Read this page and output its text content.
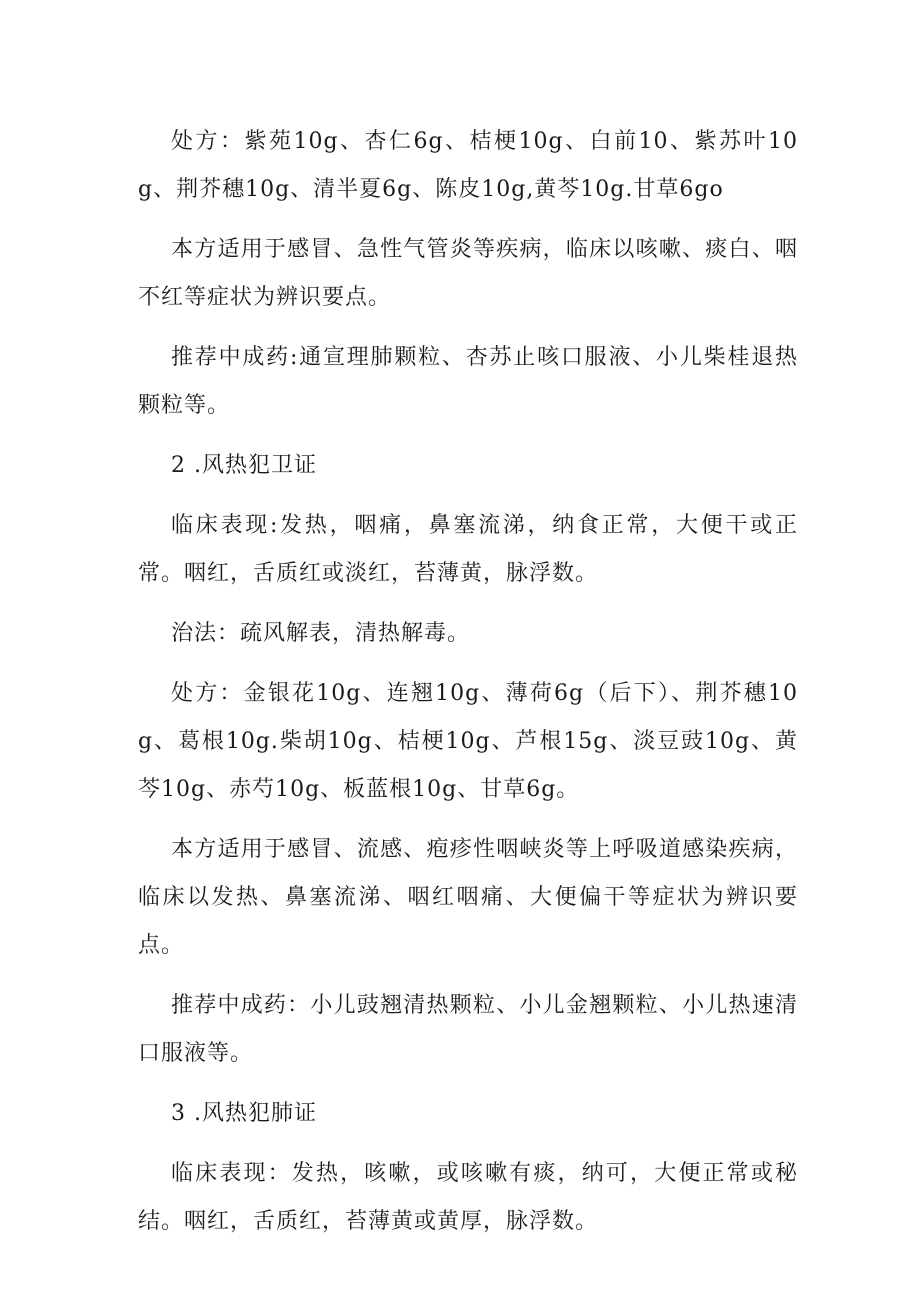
处方：紫苑10g、杏仁6g、桔梗10g、白前10、紫苏叶10g、荆芥穗10g、清半夏6g、陈皮10g,黄芩10g.甘草6go

本方适用于感冒、急性气管炎等疾病，临床以咳嗽、痰白、咽不红等症状为辨识要点。

推荐中成药:通宣理肺颗粒、杏苏止咳口服液、小儿柴桂退热颗粒等。

2 .风热犯卫证

临床表现:发热，咽痛，鼻塞流涕，纳食正常，大便干或正常。咽红，舌质红或淡红，苔薄黄，脉浮数。

治法：疏风解表，清热解毒。

处方：金银花10g、连翘10g、薄荷6g（后下）、荆芥穗10g、葛根10g.柴胡10g、桔梗10g、芦根15g、淡豆豉10g、黄芩10g、赤芍10g、板蓝根10g、甘草6g。

本方适用于感冒、流感、疱疹性咽峡炎等上呼吸道感染疾病，临床以发热、鼻塞流涕、咽红咽痛、大便偏干等症状为辨识要点。

推荐中成药：小儿豉翘清热颗粒、小儿金翘颗粒、小儿热速清口服液等。

3 .风热犯肺证

临床表现：发热，咳嗽，或咳嗽有痰，纳可，大便正常或秘结。咽红，舌质红，苔薄黄或黄厚，脉浮数。
